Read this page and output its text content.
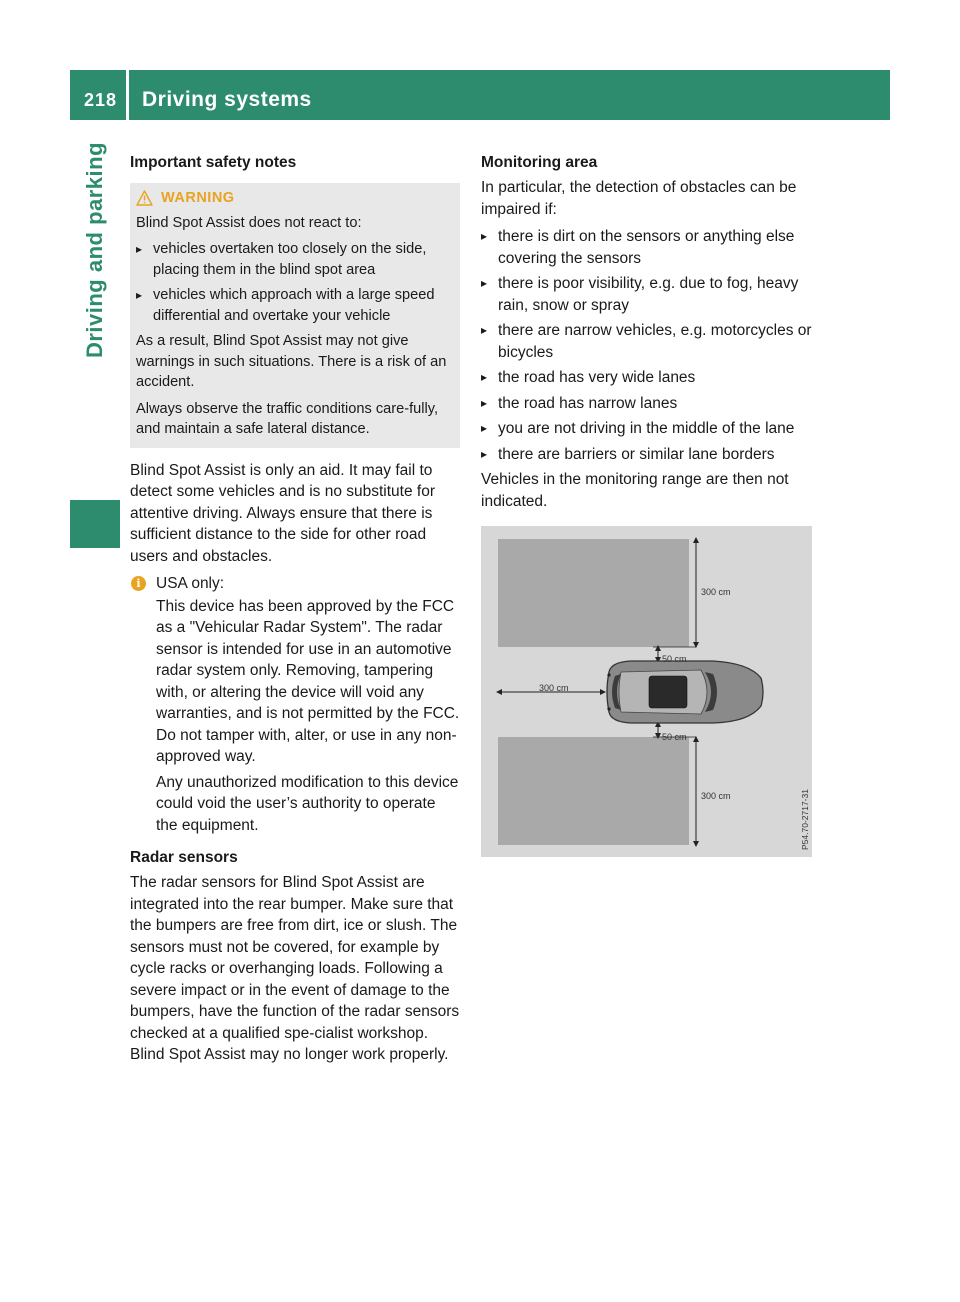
218 Driving systems
Driving and parking Important safety notes
WARNING

Blind Spot Assist does not react to:

▸ vehicles overtaken too closely on the side, placing them in the blind spot area
▸ vehicles which approach with a large speed differential and overtake your vehicle

As a result, Blind Spot Assist may not give warnings in such situations. There is a risk of an accident.

Always observe the traffic conditions care-fully, and maintain a safe lateral distance.

Blind Spot Assist is only an aid. It may fail to detect some vehicles and is no substitute for attentive driving. Always ensure that there is sufficient distance to the side for other road users and obstacles.

i USA only:

This device has been approved by the FCC as a "Vehicular Radar System". The radar sensor is intended for use in an automotive radar system only. Removing, tampering with, or altering the device will void any warranties, and is not permitted by the FCC. Do not tamper with, alter, or use in any non-approved way.

Any unauthorized modification to this device could void the user’s authority to operate the equipment.

Radar sensors

The radar sensors for Blind Spot Assist are integrated into the rear bumper. Make sure that the bumpers are free from dirt, ice or slush. The sensors must not be covered, for example by cycle racks or overhanging loads. Following a severe impact or in the event of damage to the bumpers, have the function of the radar sensors checked at a qualified spe-cialist workshop. Blind Spot Assist may no longer work properly.

Monitoring area

In particular, the detection of obstacles can be impaired if:

▸ there is dirt on the sensors or anything else covering the sensors
▸ there is poor visibility, e.g. due to fog, heavy rain, snow or spray
▸ there are narrow vehicles, e.g. motorcycles or bicycles
▸ the road has very wide lanes
▸ the road has narrow lanes
▸ you are not driving in the middle of the lane
▸ there are barriers or similar lane borders

Vehicles in the monitoring range are then not indicated.

300 cm
50 cm
300 cm
50 cm
300 cm	P54.70-2717-31
